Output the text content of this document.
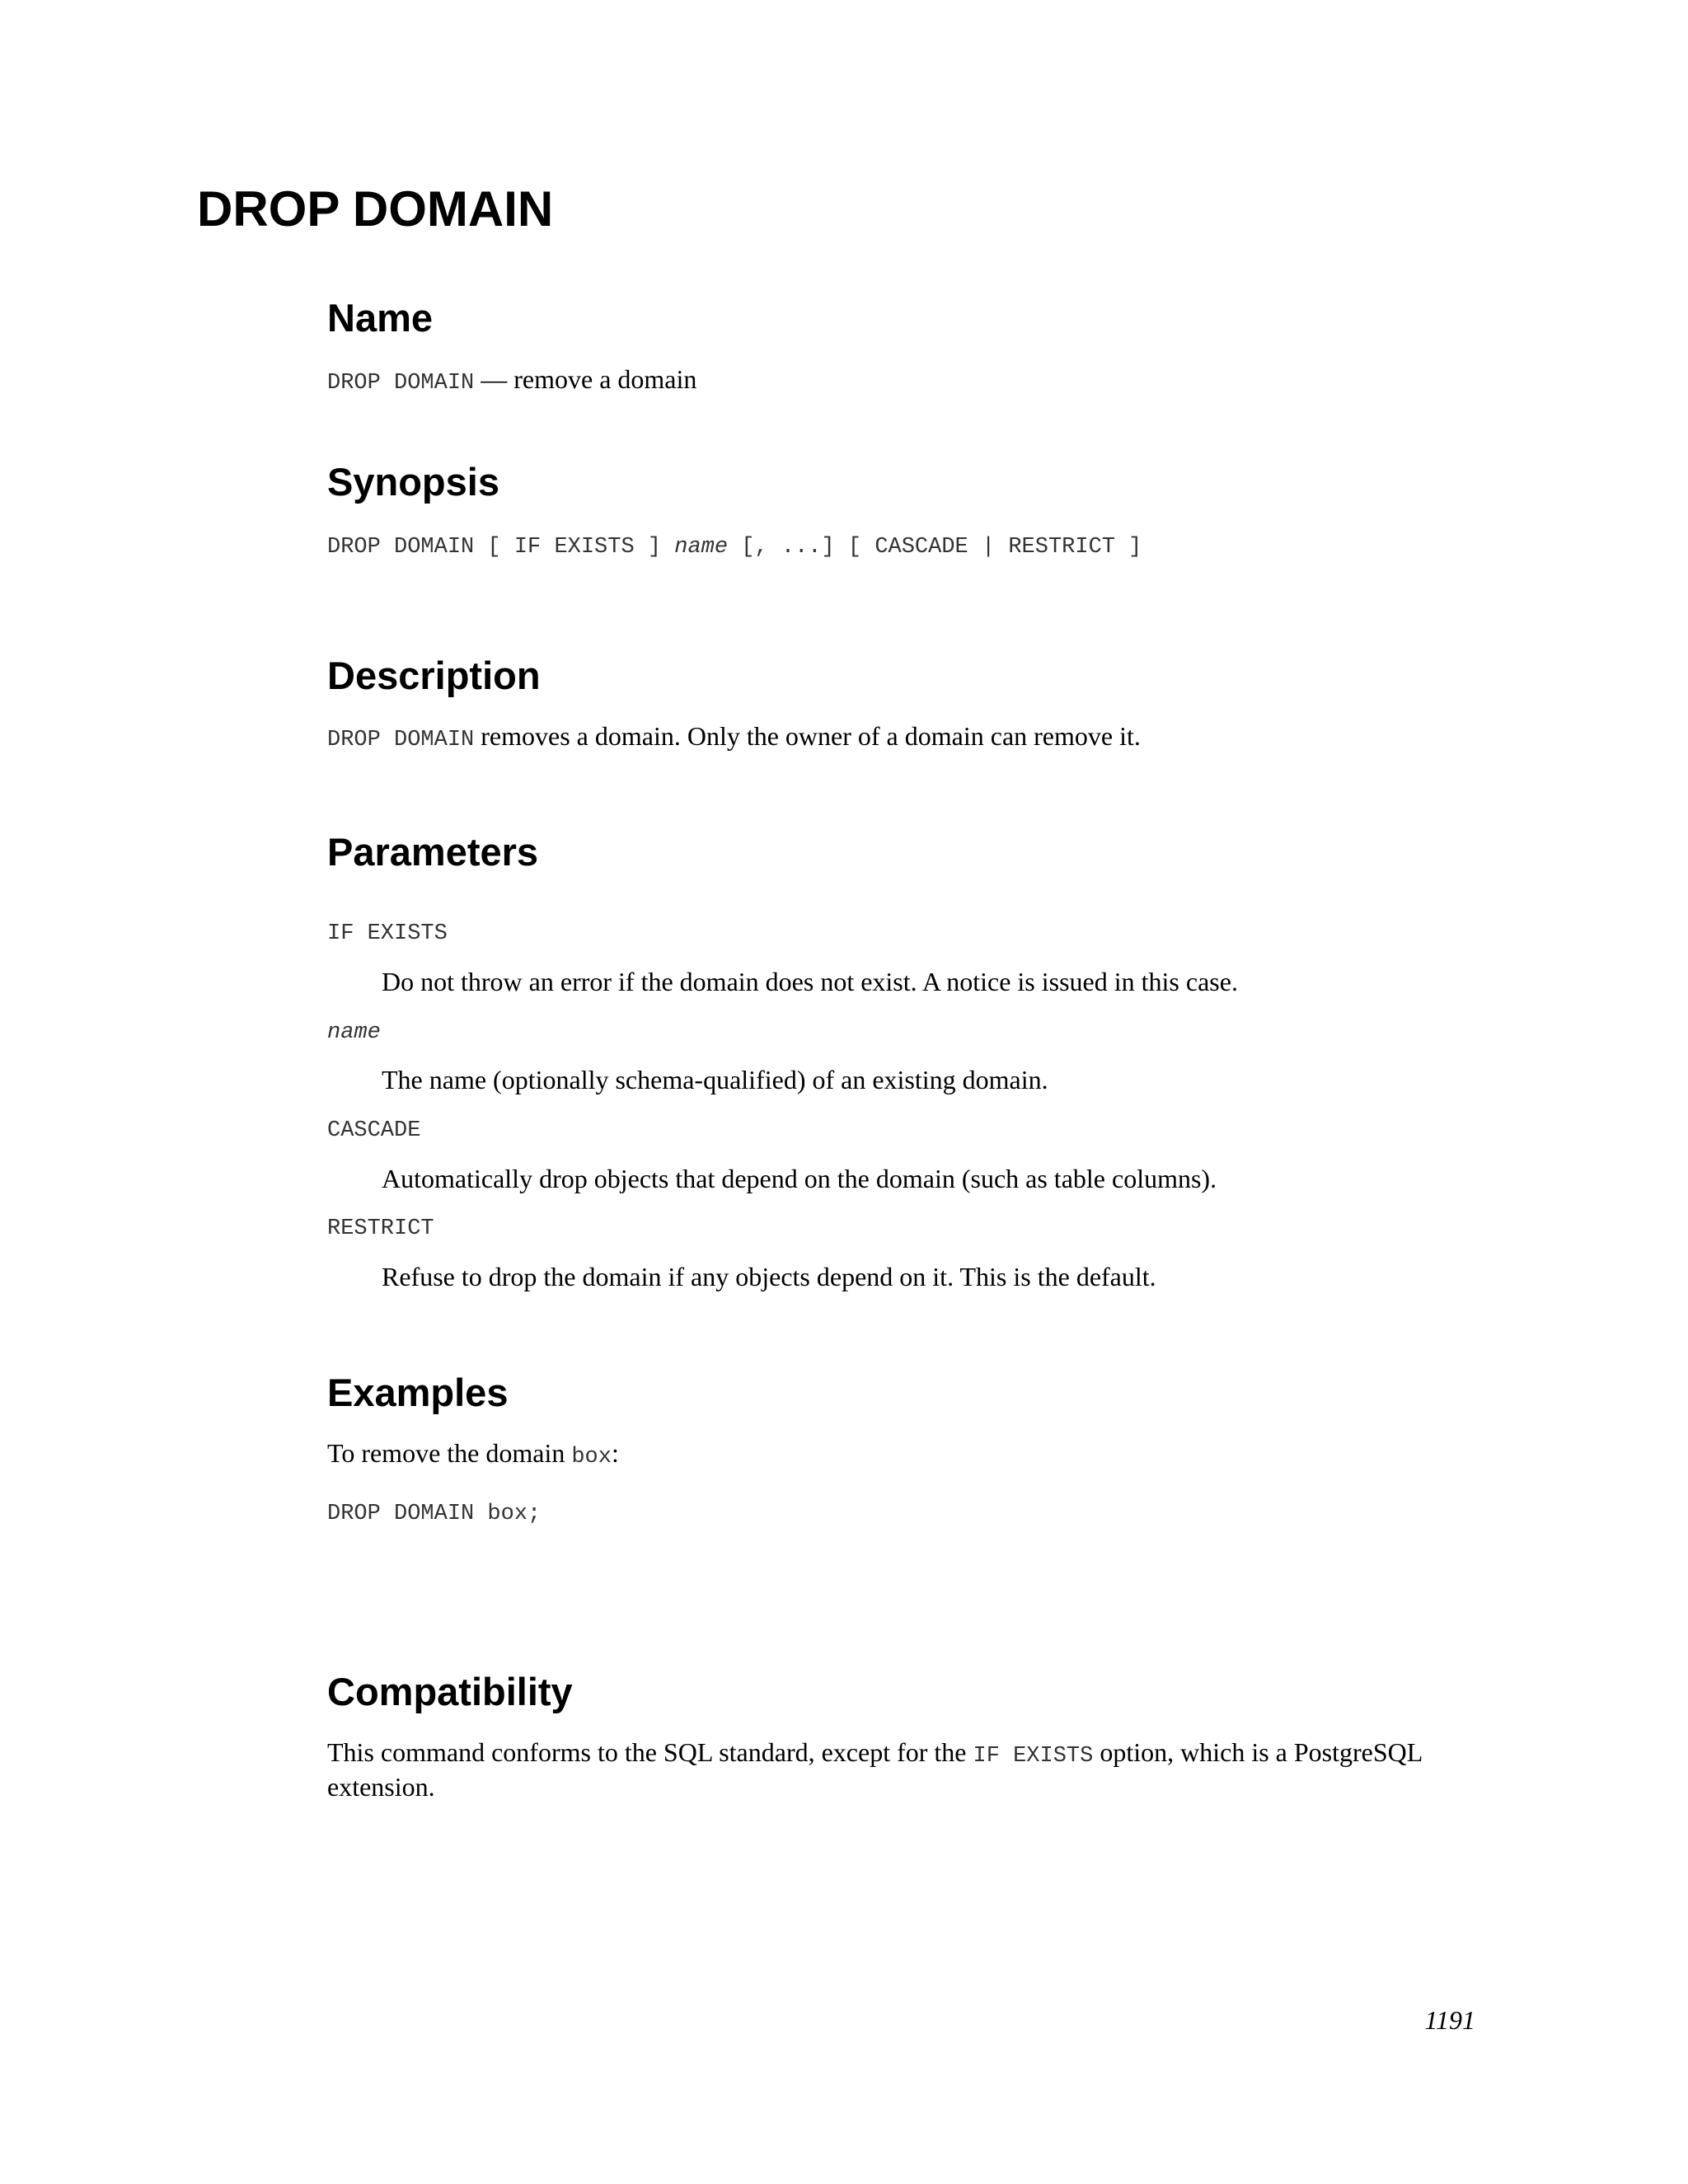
DROP DOMAIN
Name
DROP DOMAIN — remove a domain
Synopsis
DROP DOMAIN [ IF EXISTS ] name [, ...] [ CASCADE | RESTRICT ]
Description
DROP DOMAIN removes a domain. Only the owner of a domain can remove it.
Parameters
IF EXISTS
Do not throw an error if the domain does not exist. A notice is issued in this case.
name
The name (optionally schema-qualified) of an existing domain.
CASCADE
Automatically drop objects that depend on the domain (such as table columns).
RESTRICT
Refuse to drop the domain if any objects depend on it. This is the default.
Examples
To remove the domain box:
DROP DOMAIN box;
Compatibility
This command conforms to the SQL standard, except for the IF EXISTS option, which is a PostgreSQL
extension.
1191
